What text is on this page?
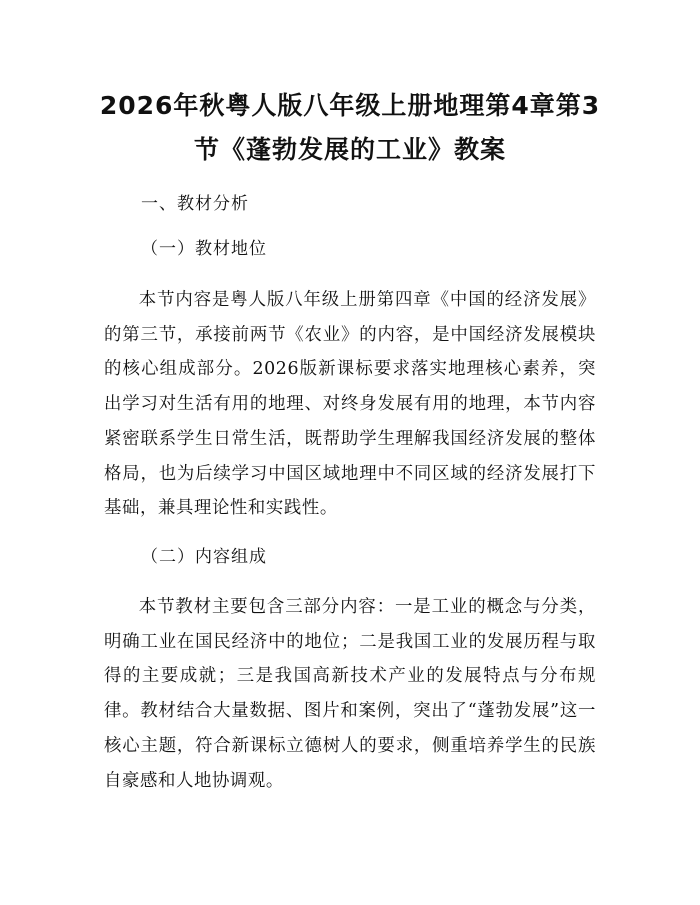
2026年秋粤人版八年级上册地理第4章第3
节《蓬勃发展的工业》教案

一、教材分析

（一）教材地位

本节内容是粤人版八年级上册第四章《中国的经济发展》的第三节，承接前两节《农业》的内容，是中国经济发展模块的核心组成部分。2026版新课标要求落实地理核心素养，突出学习对生活有用的地理、对终身发展有用的地理，本节内容紧密联系学生日常生活，既帮助学生理解我国经济发展的整体格局，也为后续学习中国区域地理中不同区域的经济发展打下基础，兼具理论性和实践性。

（二）内容组成

本节教材主要包含三部分内容：一是工业的概念与分类，明确工业在国民经济中的地位；二是我国工业的发展历程与取得的主要成就；三是我国高新技术产业的发展特点与分布规律。教材结合大量数据、图片和案例，突出了“蓬勃发展”这一核心主题，符合新课标立德树人的要求，侧重培养学生的民族自豪感和人地协调观。
